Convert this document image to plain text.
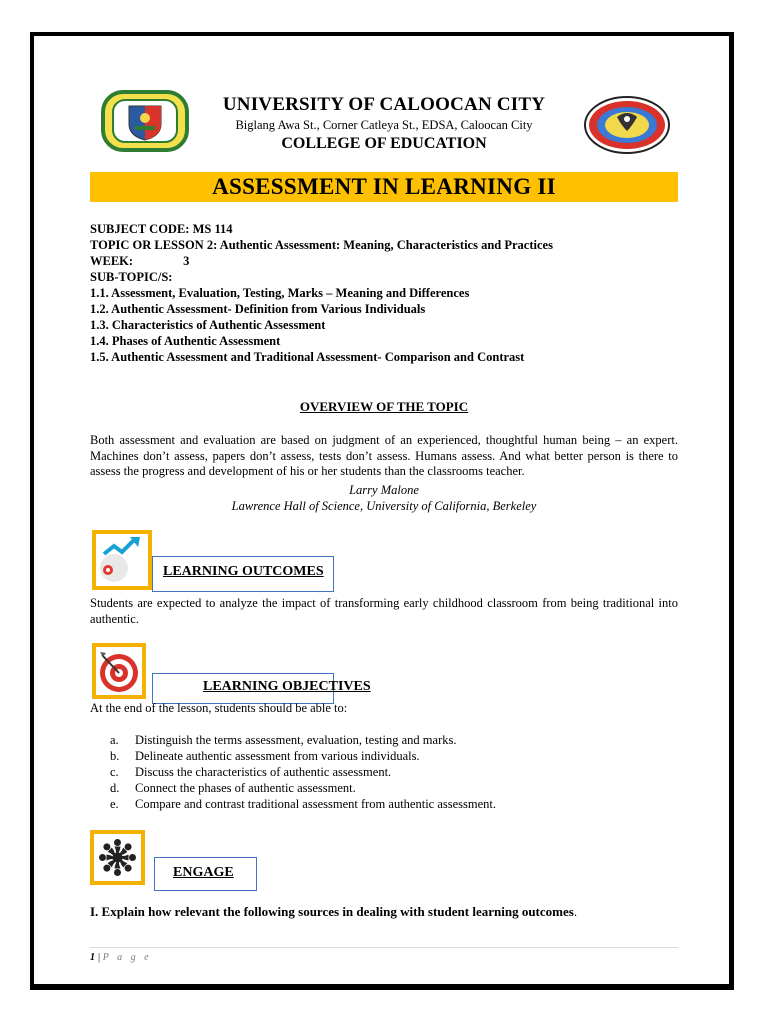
UNIVERSITY OF CALOOCAN CITY
Biglang Awa St., Corner Catleya St., EDSA, Caloocan City
COLLEGE OF EDUCATION
ASSESSMENT IN LEARNING II
SUBJECT CODE: MS 114
TOPIC OR LESSON 2: Authentic Assessment: Meaning, Characteristics and Practices
WEEK:	3
SUB-TOPIC/S:
1.1. Assessment, Evaluation, Testing, Marks – Meaning and Differences
1.2. Authentic Assessment- Definition from Various Individuals
1.3. Characteristics of Authentic Assessment
1.4. Phases of Authentic Assessment
1.5. Authentic Assessment and Traditional Assessment- Comparison and Contrast
OVERVIEW OF THE TOPIC
Both assessment and evaluation are based on judgment of an experienced, thoughtful human being – an expert. Machines don’t assess, papers don’t assess, tests don’t assess. Humans assess. And what better person is there to assess the progress and development of his or her students than the classrooms teacher.
Larry Malone
Lawrence Hall of Science, University of California, Berkeley
LEARNING OUTCOMES
Students are expected to analyze the impact of transforming early childhood classroom from being traditional into authentic.
LEARNING OBJECTIVES
At the end of the lesson, students should be able to:
a.	Distinguish the terms assessment, evaluation, testing and marks.
b.	Delineate authentic assessment from various individuals.
c.	Discuss the characteristics of authentic assessment.
d.	Connect the phases of authentic assessment.
e.	Compare and contrast traditional assessment from authentic assessment.
ENGAGE
I. Explain how relevant the following sources in dealing with student learning outcomes.
1 | P a g e
